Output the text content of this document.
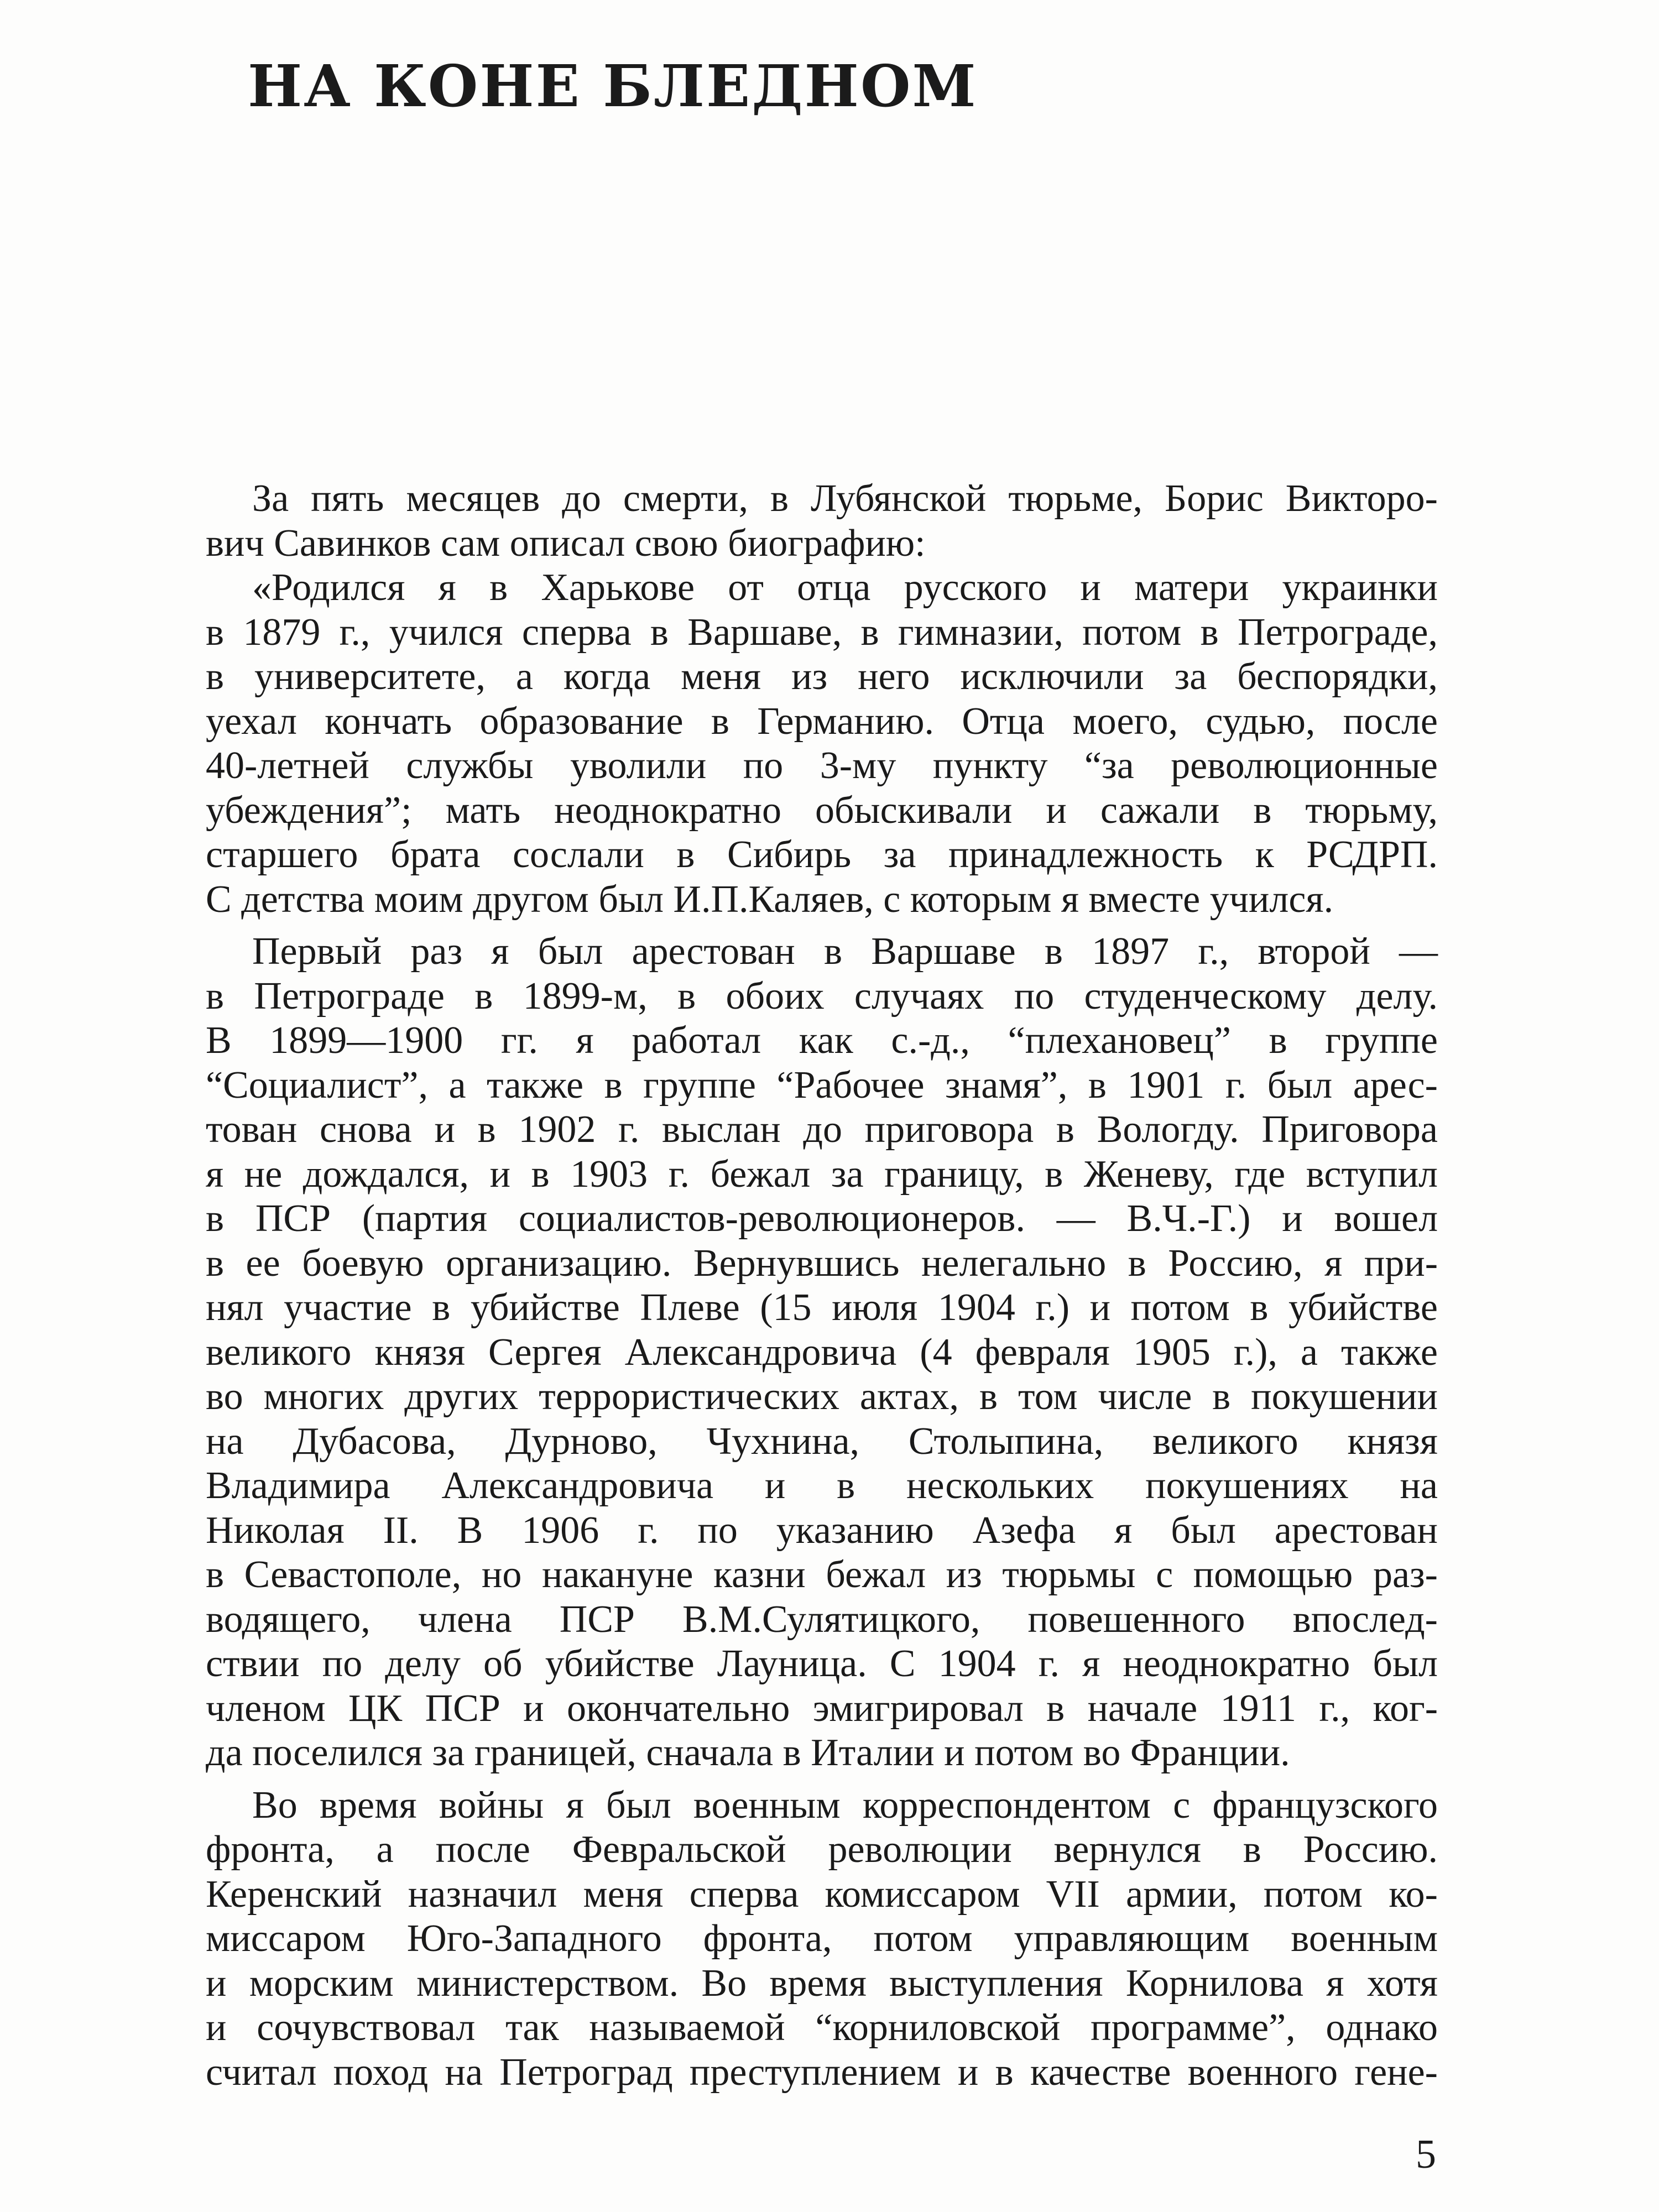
НА КОНЕ БЛЕДНОМ

За пять месяцев до смерти, в Лубянской тюрьме, Борис Викторо-
вич Савинков сам описал свою биографию:

«Родился я в Харькове от отца русского и матери украинки
в 1879 г., учился сперва в Варшаве, в гимназии, потом в Петрограде,
в университете, а когда меня из него исключили за беспорядки,
уехал кончать образование в Германию. Отца моего, судью, после
40-летней службы уволили по 3-му пункту “за революционные
убеждения”; мать неоднократно обыскивали и сажали в тюрьму,
старшего брата сослали в Сибирь за принадлежность к РСДРП.
С детства моим другом был И.П.Каляев, с которым я вместе учился.

Первый раз я был арестован в Варшаве в 1897 г., второй —
в Петрограде в 1899-м, в обоих случаях по студенческому делу.
В 1899—1900 гг. я работал как с.-д., “плехановец” в группе
“Социалист”, а также в группе “Рабочее знамя”, в 1901 г. был арес-
тован снова и в 1902 г. выслан до приговора в Вологду. Приговора
я не дождался, и в 1903 г. бежал за границу, в Женеву, где вступил
в ПСР (партия социалистов-революционеров. — В.Ч.-Г.) и вошел
в ее боевую организацию. Вернувшись нелегально в Россию, я при-
нял участие в убийстве Плеве (15 июля 1904 г.) и потом в убийстве
великого князя Сергея Александровича (4 февраля 1905 г.), а также
во многих других террористических актах, в том числе в покушении
на Дубасова, Дурново, Чухнина, Столыпина, великого князя
Владимира Александровича и в нескольких покушениях на
Николая II. В 1906 г. по указанию Азефа я был арестован
в Севастополе, но накануне казни бежал из тюрьмы с помощью раз-
водящего, члена ПСР В.М.Сулятицкого, повешенного впослед-
ствии по делу об убийстве Лауница. С 1904 г. я неоднократно был
членом ЦК ПСР и окончательно эмигрировал в начале 1911 г., ког-
да поселился за границей, сначала в Италии и потом во Франции.

Во время войны я был военным корреспондентом с французского
фронта, а после Февральской революции вернулся в Россию.
Керенский назначил меня сперва комиссаром VII армии, потом ко-
миссаром Юго-Западного фронта, потом управляющим военным
и морским министерством. Во время выступления Корнилова я хотя
и сочувствовал так называемой “корниловской программе”, однако
считал поход на Петроград преступлением и в качестве военного гене-

5
